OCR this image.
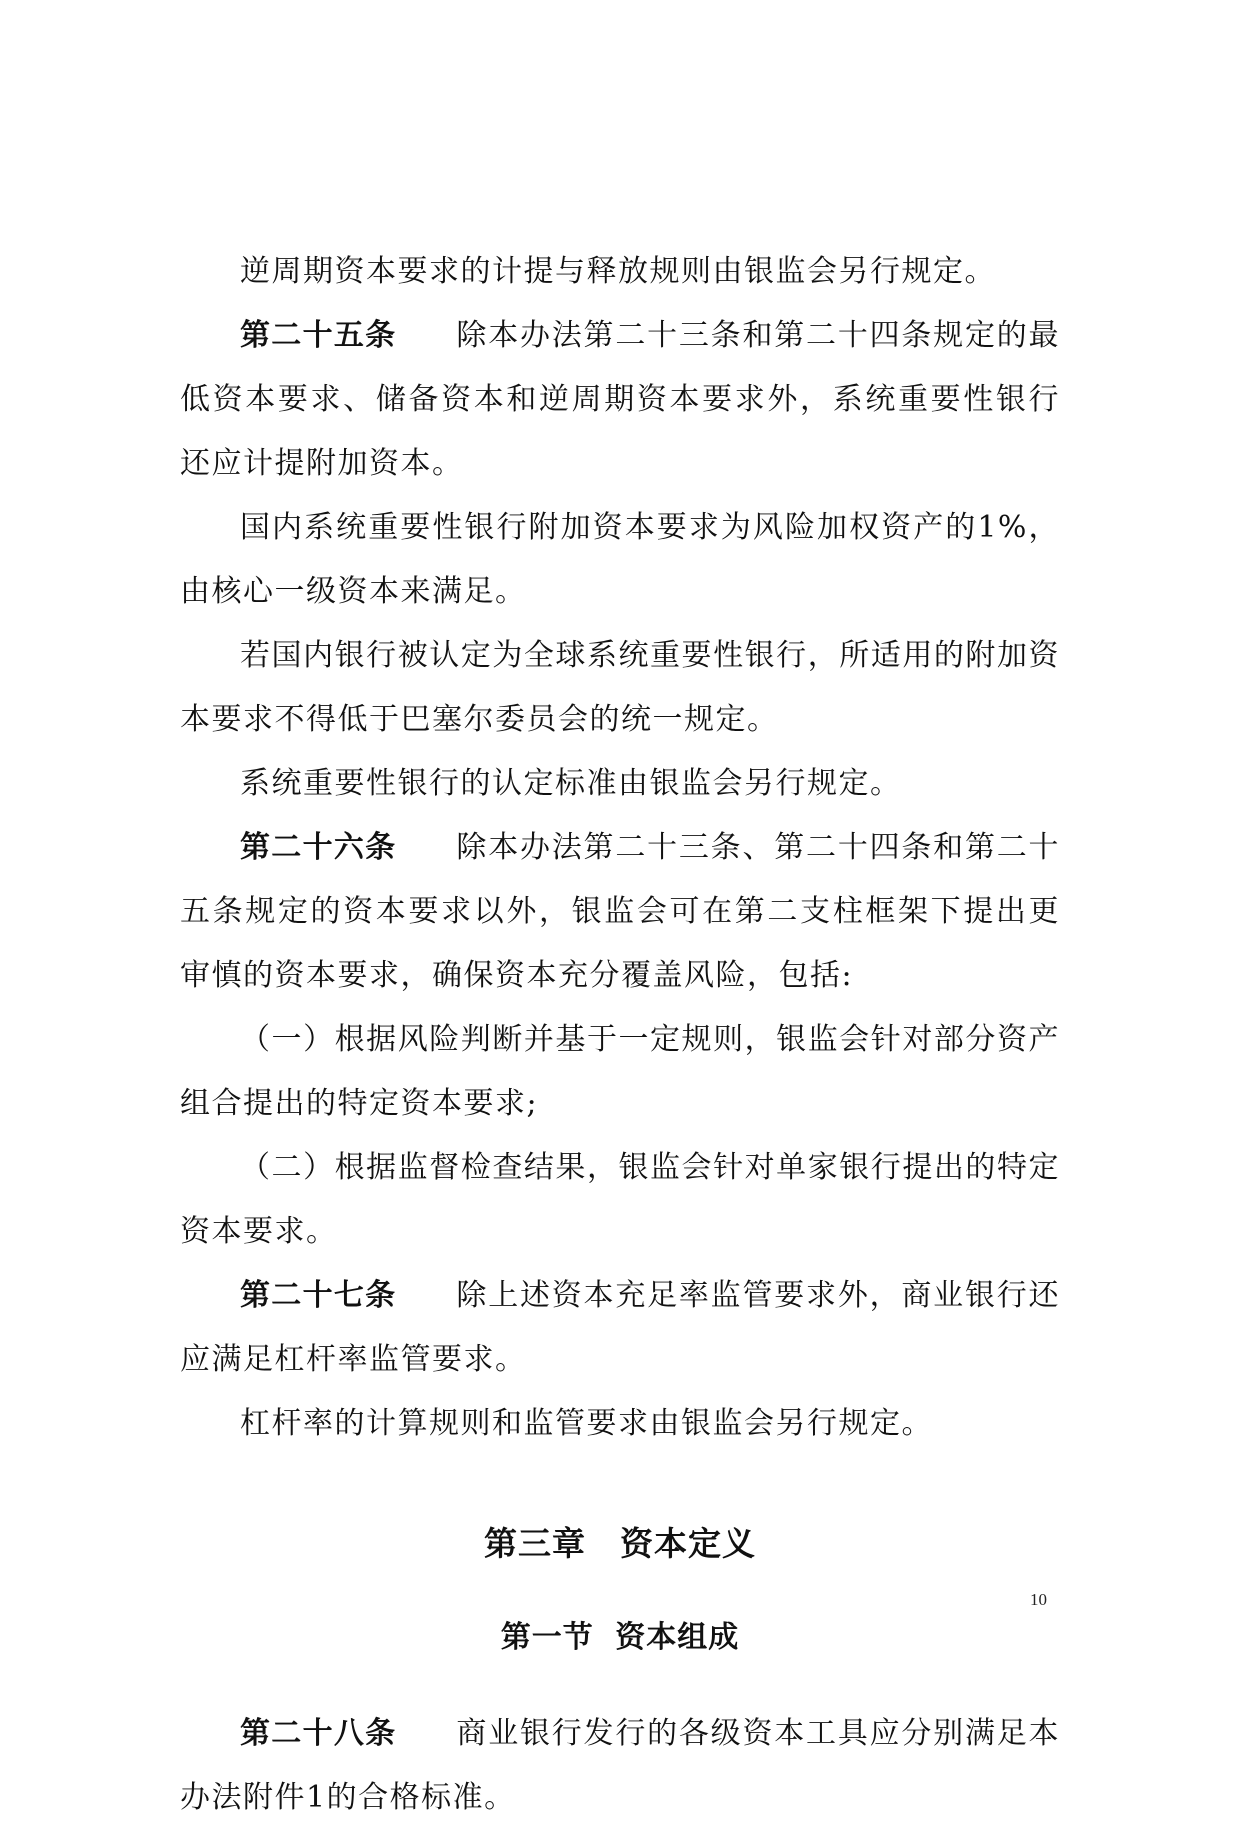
逆周期资本要求的计提与释放规则由银监会另行规定。

第二十五条 除本办法第二十三条和第二十四条规定的最低资本要求、储备资本和逆周期资本要求外，系统重要性银行还应计提附加资本。

国内系统重要性银行附加资本要求为风险加权资产的1%，由核心一级资本来满足。

若国内银行被认定为全球系统重要性银行，所适用的附加资本要求不得低于巴塞尔委员会的统一规定。

系统重要性银行的认定标准由银监会另行规定。

第二十六条 除本办法第二十三条、第二十四条和第二十五条规定的资本要求以外，银监会可在第二支柱框架下提出更审慎的资本要求，确保资本充分覆盖风险，包括:

（一）根据风险判断并基于一定规则，银监会针对部分资产组合提出的特定资本要求;

（二）根据监督检查结果，银监会针对单家银行提出的特定资本要求。

第二十七条 除上述资本充足率监管要求外，商业银行还应满足杠杆率监管要求。

杠杆率的计算规则和监管要求由银监会另行规定。

第三章　资本定义
第一节 资本组成

第二十八条 商业银行发行的各级资本工具应分别满足本办法附件1的合格标准。

10
